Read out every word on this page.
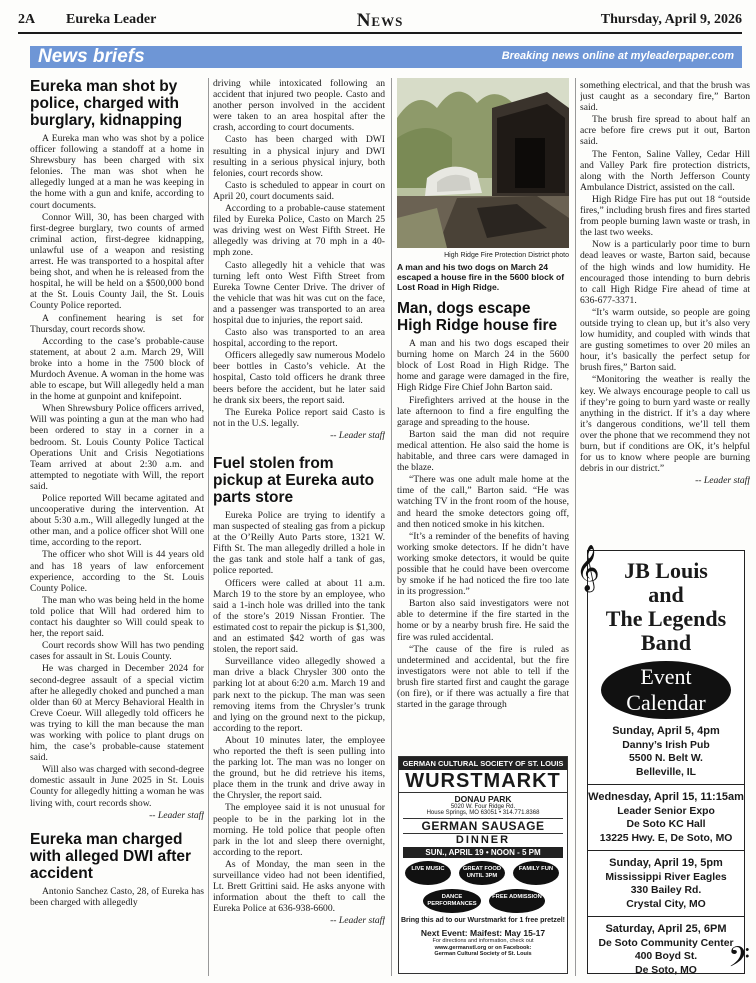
2A Eureka Leader	News	Thursday, April 9, 2026
News briefs	Breaking news online at myleaderpaper.com
Eureka man shot by police, charged with burglary, kidnapping

A Eureka man who was shot by a police officer following a standoff at a home in Shrewsbury has been charged with six felonies. The man was shot when he allegedly lunged at a man he was keeping in the home with a gun and knife, according to court documents.

Connor Will, 30, has been charged with first-degree burglary, two counts of armed criminal action, first-degree kidnapping, unlawful use of a weapon and resisting arrest. He was transported to a hospital after being shot, and when he is released from the hospital, he will be held on a $500,000 bond at the St. Louis County Jail, the St. Louis County Police reported.

A confinement hearing is set for Thursday, court records show.

According to the case’s probable-cause statement, at about 2 a.m. March 29, Will broke into a home in the 7500 block of Murdoch Avenue. A woman in the home was able to escape, but Will allegedly held a man in the home at gunpoint and knifepoint.

When Shrewsbury Police officers arrived, Will was pointing a gun at the man who had been ordered to stay in a corner in a bedroom. St. Louis County Police Tactical Operations Unit and Crisis Negotiations Team arrived at about 2:30 a.m. and attempted to negotiate with Will, the report said.

Police reported Will became agitated and uncooperative during the intervention. At about 5:30 a.m., Will allegedly lunged at the other man, and a police officer shot Will one time, according to the report.

The officer who shot Will is 44 years old and has 18 years of law enforcement experience, according to the St. Louis County Police.

The man who was being held in the home told police that Will had ordered him to contact his daughter so Will could speak to her, the report said.

Court records show Will has two pending cases for assault in St. Louis County.

He was charged in December 2024 for second-degree assault of a special victim after he allegedly choked and punched a man older than 60 at Mercy Behavioral Health in Creve Coeur. Will allegedly told officers he was trying to kill the man because the man was working with police to plant drugs on him, the case’s probable-cause statement said.

Will also was charged with second-degree domestic assault in June 2025 in St. Louis County for allegedly hitting a woman he was living with, court records show.

-- Leader staff
Eureka man charged with alleged DWI after accident

Antonio Sanchez Casto, 28, of Eureka has been charged with allegedly

driving while intoxicated following an accident that injured two people. Casto and another person involved in the accident were taken to an area hospital after the crash, according to court documents.

Casto has been charged with DWI resulting in a physical injury and DWI resulting in a serious physical injury, both felonies, court records show.

Casto is scheduled to appear in court on April 20, court documents said.

According to a probable-cause statement filed by Eureka Police, Casto on March 25 was driving west on West Fifth Street. He allegedly was driving at 70 mph in a 40-mph zone.

Casto allegedly hit a vehicle that was turning left onto West Fifth Street from Eureka Towne Center Drive. The driver of the vehicle that was hit was cut on the face, and a passenger was transported to an area hospital due to injuries, the report said.

Casto also was transported to an area hospital, according to the report.

Officers allegedly saw numerous Modelo beer bottles in Casto’s vehicle. At the hospital, Casto told officers he drank three beers before the accident, but he later said he drank six beers, the report said.

The Eureka Police report said Casto is not in the U.S. legally.

-- Leader staff
Fuel stolen from pickup at Eureka auto parts store

Eureka Police are trying to identify a man suspected of stealing gas from a pickup at the O’Reilly Auto Parts store, 1321 W. Fifth St. The man allegedly drilled a hole in the gas tank and stole half a tank of gas, police reported.

Officers were called at about 11 a.m. March 19 to the store by an employee, who said a 1-inch hole was drilled into the tank of the store’s 2019 Nissan Frontier. The estimated cost to repair the pickup is $1,300, and an estimated $42 worth of gas was stolen, the report said.

Surveillance video allegedly showed a man drive a black Chrysler 300 onto the parking lot at about 6:20 a.m. March 19 and park next to the pickup. The man was seen removing items from the Chrysler’s trunk and lying on the ground next to the pickup, according to the report.

About 10 minutes later, the employee who reported the theft is seen pulling into the parking lot. The man was no longer on the ground, but he did retrieve his items, place them in the trunk and drive away in the Chrysler, the report said.

The employee said it is not unusual for people to be in the parking lot in the morning. He told police that people often park in the lot and sleep there overnight, according to the report.

As of Monday, the man seen in the surveillance video had not been identified, Lt. Brett Grittini said. He asks anyone with information about the theft to call the Eureka Police at 636-938-6600.

-- Leader staff
High Ridge Fire Protection District photo
A man and his two dogs on March 24 escaped a house fire in the 5600 block of Lost Road in High Ridge.
Man, dogs escape High Ridge house fire

A man and his two dogs escaped their burning home on March 24 in the 5600 block of Lost Road in High Ridge. The home and garage were damaged in the fire, High Ridge Fire Chief John Barton said.

Firefighters arrived at the house in the late afternoon to find a fire engulfing the garage and spreading to the house.

Barton said the man did not require medical attention. He also said the home is habitable, and three cars were damaged in the blaze.

“There was one adult male home at the time of the call,” Barton said. “He was watching TV in the front room of the house, and heard the smoke detectors going off, and then noticed smoke in his kitchen.

“It’s a reminder of the benefits of having working smoke detectors. If he didn’t have working smoke detectors, it would be quite possible that he could have been overcome by smoke if he had noticed the fire too late in its progression.”

Barton also said investigators were not able to determine if the fire started in the home or by a nearby brush fire. He said the fire was ruled accidental.

“The cause of the fire is ruled as undetermined and accidental, but the fire investigators were not able to tell if the brush fire started first and caught the garage (on fire), or if there was actually a fire that started in the garage through

something electrical, and that the brush was just caught as a secondary fire,” Barton said.

The brush fire spread to about half an acre before fire crews put it out, Barton said.

The Fenton, Saline Valley, Cedar Hill and Valley Park fire protection districts, along with the North Jefferson County Ambulance District, assisted on the call.

High Ridge Fire has put out 18 “outside fires,” including brush fires and fires started from people burning lawn waste or trash, in the last two weeks.

Now is a particularly poor time to burn dead leaves or waste, Barton said, because of the high winds and low humidity. He encouraged those intending to burn debris to call High Ridge Fire ahead of time at 636-677-3371.

“It’s warm outside, so people are going outside trying to clean up, but it’s also very low humidity, and coupled with winds that are gusting sometimes to over 20 miles an hour, it’s basically the perfect setup for brush fires,” Barton said.

“Monitoring the weather is really the key. We always encourage people to call us if they’re going to burn yard waste or really anything in the district. If it’s a day where it’s dangerous conditions, we’ll tell them over the phone that we recommend they not burn, but if conditions are OK, it’s helpful for us to know where people are burning debris in our district.”

-- Leader staff
GERMAN CULTURAL SOCIETY OF ST. LOUIS
WURSTMARKT
DONAU PARK
5020 W. Four Ridge Rd.
House Springs, MO 63051 • 314.771.8368
GERMAN SAUSAGE
DINNER
SUN., APRIL 19 • NOON - 5 PM
LIVE MUSIC	GREAT FOOD UNTIL 3PM
FAMILY FUN
DANCE PERFORMANCES
FREE ADMISSION
Bring this ad to our Wurstmarkt for 1 free pretzel!
Next Event: Maifest: May 15-17
For directions and information, check out
www.germanstl.org or on Facebook:
German Cultural Society of St. Louis
𝄞
𝄢
JB Louis
and
The Legends
Band
Event
Calendar
Sunday, April 5, 4pm
Danny’s Irish Pub
5500 N. Belt W.
Belleville, IL
Wednesday, April 15, 11:15am
Leader Senior Expo
De Soto KC Hall
13225 Hwy. E, De Soto, MO
Sunday, April 19, 5pm
Mississippi River Eagles
330 Bailey Rd.
Crystal City, MO
Saturday, April 25, 6PM
De Soto Community Center
400 Boyd St.
De Soto, MO
